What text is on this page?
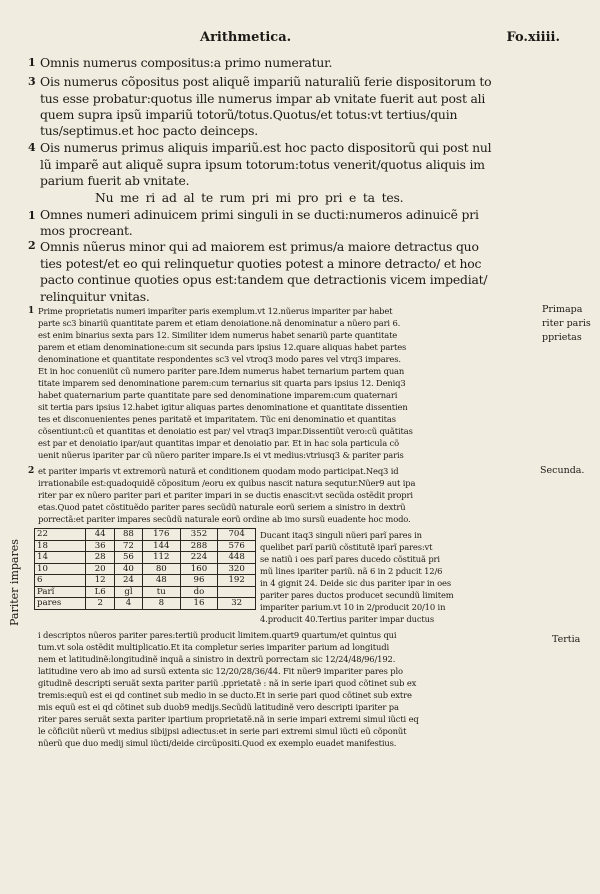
Arithmetica.	Fo.xiiii.
1
3
4
1
2
Omnis numerus compositus:a primo numeratur.
Ois numerus cõpositus post aliquẽ impariũ naturaliũ ferie dispositorum to
tus esse probatur:quotus ille numerus impar ab vnitate fuerit aut post ali
quem supra ipsũ impariũ totorũ/totus.Quotus/et totus:vt tertius/quin
tus/septimus.et hoc pacto deinceps.
Ois numerus primus aliquis impariũ.est hoc pacto dispositorũ qui post nul
lũ imparẽ aut aliquẽ supra ipsum totorum:totus venerit/quotus aliquis im
parium fuerit ab vnitate.
Nu me ri ad al te rum pri mi pro pri e ta tes.
Omnes numeri adinuicem primi singuli in se ducti:numeros adinuicẽ pri
mos procreant.
Omnis nũerus minor qui ad maiorem est primus/a maiore detractus quo
ties potest/et eo qui relinquetur quoties potest a minore detracto/ et hoc
pacto continue quoties opus est:tandem que detractionis vicem impediat/
relinquitur vnitas.
1
2
Prime proprietatis numeri imparĩter paris exemplum.vt 12.nũerus impariter par habet
parte sc3 binariũ quantitate parem et etiam denoiatione.nã denominatur a nũero pari 6.
est enim binarius sexta pars 12. Similiter idem numerus habet senariũ parte quantitate
parem et etiam denominatione:cum sit secunda pars ipsius 12.quare aliquas habet partes
denominatione et quantitate respondentes sc3 vel vtroq3 modo pares vel vtrq3 impares.
Et in hoc conueniũt cũ numero pariter pare.Idem numerus habet ternarium partem quan
titate imparem sed denominatione parem:cum ternarius sit quarta pars ipsius 12. Deniq3
habet quaternarium parte quantitate pare sed denominatione imparem:cum quaternari
sit tertia pars ipsius 12.habet igitur aliquas partes denominatione et quantitate dissentien
tes et disconuenientes penes paritatẽ et imparitatem. Tũc eni denominatio et quantitas
cõsentiunt:cũ et quantitas et denoiatio est par/ vel vtraq3 impar.Dissentiũt vero:cũ quãtitas
est par et denoiatio ipar/aut quantitas impar et denoiatio par. Et in hac sola particula cõ
uenit nũerus ipariter par cũ nũero pariter impare.Is ei vt medius:vtriusq3 & pariter paris
et pariter imparis vt extremorũ naturã et conditionem quodam modo participat.Neq3 id
irrationabile est:quadoquidẽ cõpositum /eoru ex quibus nascit natura sequtur.Nũer9 aut ipa
riter par ex nũero pariter pari et pariter impari in se ductis enascit:vt secũda ostẽdit propri
etas.Quod patet cõstituẽdo pariter pares secũdũ naturale eorũ seriem a sinistro in dextrũ
porrectã:et pariter impares secũdũ naturale eorũ ordine ab imo sursũ euadente hoc modo.
Primapa
riter paris
pprietas
Secunda.
Tertia
Pariter impares
22	44	88	176	352	704
18	36	72	144	288	576
14	28	56	112	224	448
10	20	40	80	160	320
6	12	24	48	96	192
Parĩ	L6	gl	tu	do	
pares	2	4	8	16	32
Ducant itaq3 singuli nũeri parĩ pares in
quelibet parĩ pariũ cõstitutẽ iparĩ pares:vt
se natiũ i oes parĩ pares ducedo cõstituã pri
mũ lines ipariter pariũ. nã 6 in 2 pducit 12/6
in 4 gignit 24. Deide sic dus pariter ipar in oes
pariter pares ductos producet secundũ limitem
impariter parium.vt 10 in 2/producit 20/10 in
4.producit 40.Tertius pariter impar ductus
i descriptos nũeros pariter pares:tertiũ producit limitem.quart9 quartum/et quintus qui
tum.vt sola ostẽdit multiplicatio.Et ita completur series impariter parium ad longitudi
nem et latitudinẽ:longitudinẽ inquã a sinistro in dextrũ porrectam sic 12/24/48/96/192.
latitudine vero ab imo ad sursũ extenta sic 12/20/28/36/44. Fit nũer9 impariter pares plo
gitudinẽ descripti seruãt sexta pariter pariũ .pprietatẽ : nã in serie ipari quod cõtinet sub ex
tremis:equũ est ei qd continet sub medio in se ducto.Et in serie pari quod cõtinet sub extre
mis equũ est ei qd cõtinet sub duob9 medijs.Secũdũ latitudinẽ vero descripti ipariter pa
riter pares seruãt sexta pariter ipartium proprietatẽ.nã in serie impari extremi simul iũcti eq
le cõficiũt nũerũ vt medius sibijpsi adiectus:et in serie pari extremi simul iũcti eũ cõponũt
nũerũ que duo medij simul iũcti/deide circũpositi.Quod ex exemplo euadet manifestius.
